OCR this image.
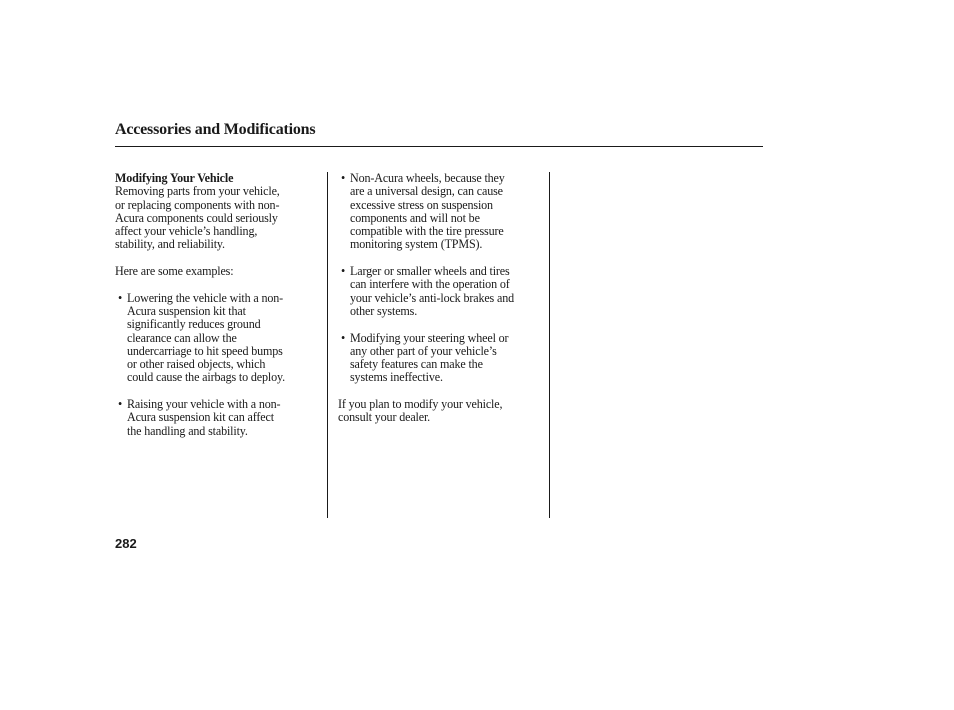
Accessories and Modifications

Modifying Your Vehicle

Removing parts from your vehicle,
or replacing components with non-
Acura components could seriously
affect your vehicle’s handling,
stability, and reliability.

Here are some examples:

• Lowering the vehicle with a non-
Acura suspension kit that
significantly reduces ground
clearance can allow the
undercarriage to hit speed bumps
or other raised objects, which
could cause the airbags to deploy.
• Raising your vehicle with a non-
Acura suspension kit can affect
the handling and stability.
• Non-Acura wheels, because they
are a universal design, can cause
excessive stress on suspension
components and will not be
compatible with the tire pressure
monitoring system (TPMS).
• Larger or smaller wheels and tires
can interfere with the operation of
your vehicle’s anti-lock brakes and
other systems.
• Modifying your steering wheel or
any other part of your vehicle’s
safety features can make the
systems ineffective.

If you plan to modify your vehicle,
consult your dealer.

282
